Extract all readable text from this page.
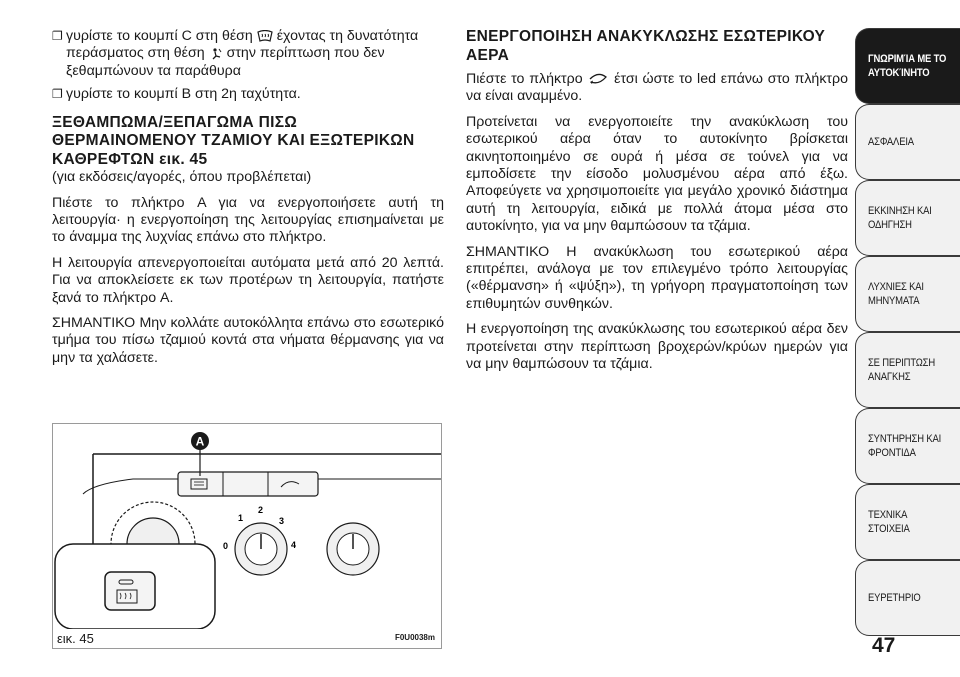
❐ γυρίστε το κουμπί C στη θέση έχοντας τη δυνατότητα περάσματος στη θέση στην περίπτωση που δεν ξεθαμπώνουν τα παράθυρα
❐ γυρίστε το κουμπί B στη 2η ταχύτητα.
ΞΕΘΑΜΠΩΜΑ/ΞΕΠΑΓΩΜΑ ΠΙΣΩ ΘΕΡΜΑΙΝΟΜΕΝΟΥ ΤΖΑΜΙΟΥ ΚΑΙ ΕΞΩΤΕΡΙΚΩΝ ΚΑΘΡΕΦΤΩΝ εικ. 45

(για εκδόσεις/αγορές, όπου προβλέπεται)

Πιέστε το πλήκτρο A για να ενεργοποιήσετε αυτή τη λειτουργία· η ενεργοποίηση της λειτουργίας επισημαίνεται με το άναμμα της λυχνίας επάνω στο πλήκτρο.

Η λειτουργία απενεργοποιείται αυτόματα μετά από 20 λεπτά. Για να αποκλείσετε εκ των προτέρων τη λειτουργία, πατήστε ξανά το πλήκτρο A.

ΣΗΜΑΝΤΙΚΟ Μην κολλάτε αυτοκόλλητα επάνω στο εσωτερικό τμήμα του πίσω τζαμιού κοντά στα νήματα θέρμανσης για να μην τα χαλάσετε.

ΕΝΕΡΓΟΠΟΙΗΣΗ ΑΝΑΚΥΚΛΩΣΗΣ ΕΣΩΤΕΡΙΚΟΥ ΑΕΡΑ

Πιέστε το πλήκτρο έτσι ώστε το led επάνω στο πλήκτρο να είναι αναμμένο.

Προτείνεται να ενεργοποιείτε την ανακύκλωση του εσωτερικού αέρα όταν το αυτοκίνητο βρίσκεται ακινητοποιημένο σε ουρά ή μέσα σε τούνελ για να εμποδίσετε την είσοδο μολυσμένου αέρα από έξω. Αποφεύγετε να χρησιμοποιείτε για μεγάλο χρονικό διάστημα αυτή τη λειτουργία, ειδικά με πολλά άτομα μέσα στο αυτοκίνητο, για να μην θαμπώσουν τα τζάμια.

ΣΗΜΑΝΤΙΚΟ Η ανακύκλωση του εσωτερικού αέρα επιτρέπει, ανάλογα με τον επιλεγμένο τρόπο λειτουργίας («θέρμανση» ή «ψύξη»), τη γρήγορη πραγματοποίηση των επιθυμητών συνθηκών.

Η ενεργοποίηση της ανακύκλωσης του εσωτερικού αέρα δεν προτείνεται στην περίπτωση βροχερών/κρύων ημερών για να μην θαμπώσουν τα τζάμια.

A
0
1
2
3
4
εικ. 45	F0U0038m
ΓΝΩΡΙΜΊΑ ΜΕ ΤΟ ΑΥΤΟΚΊΝΗΤΟ
ΑΣΦΑΛΕΙΑ
ΕΚΚΙΝΗΣΗ ΚΑΙ ΟΔΗΓΗΣΗ
ΛΥΧΝΙΕΣ ΚΑΙ ΜΗΝΥΜΑΤΑ
ΣΕ ΠΕΡΙΠΤΩΣΗ ΑΝΑΓΚΗΣ
ΣΥΝΤΗΡΗΣΗ ΚΑΙ ΦΡΟΝΤΙΔΑ
ΤΕΧΝΙΚΑ ΣΤΟΙΧΕΙΑ
ΕΥΡΕΤΗΡΙΟ
47
